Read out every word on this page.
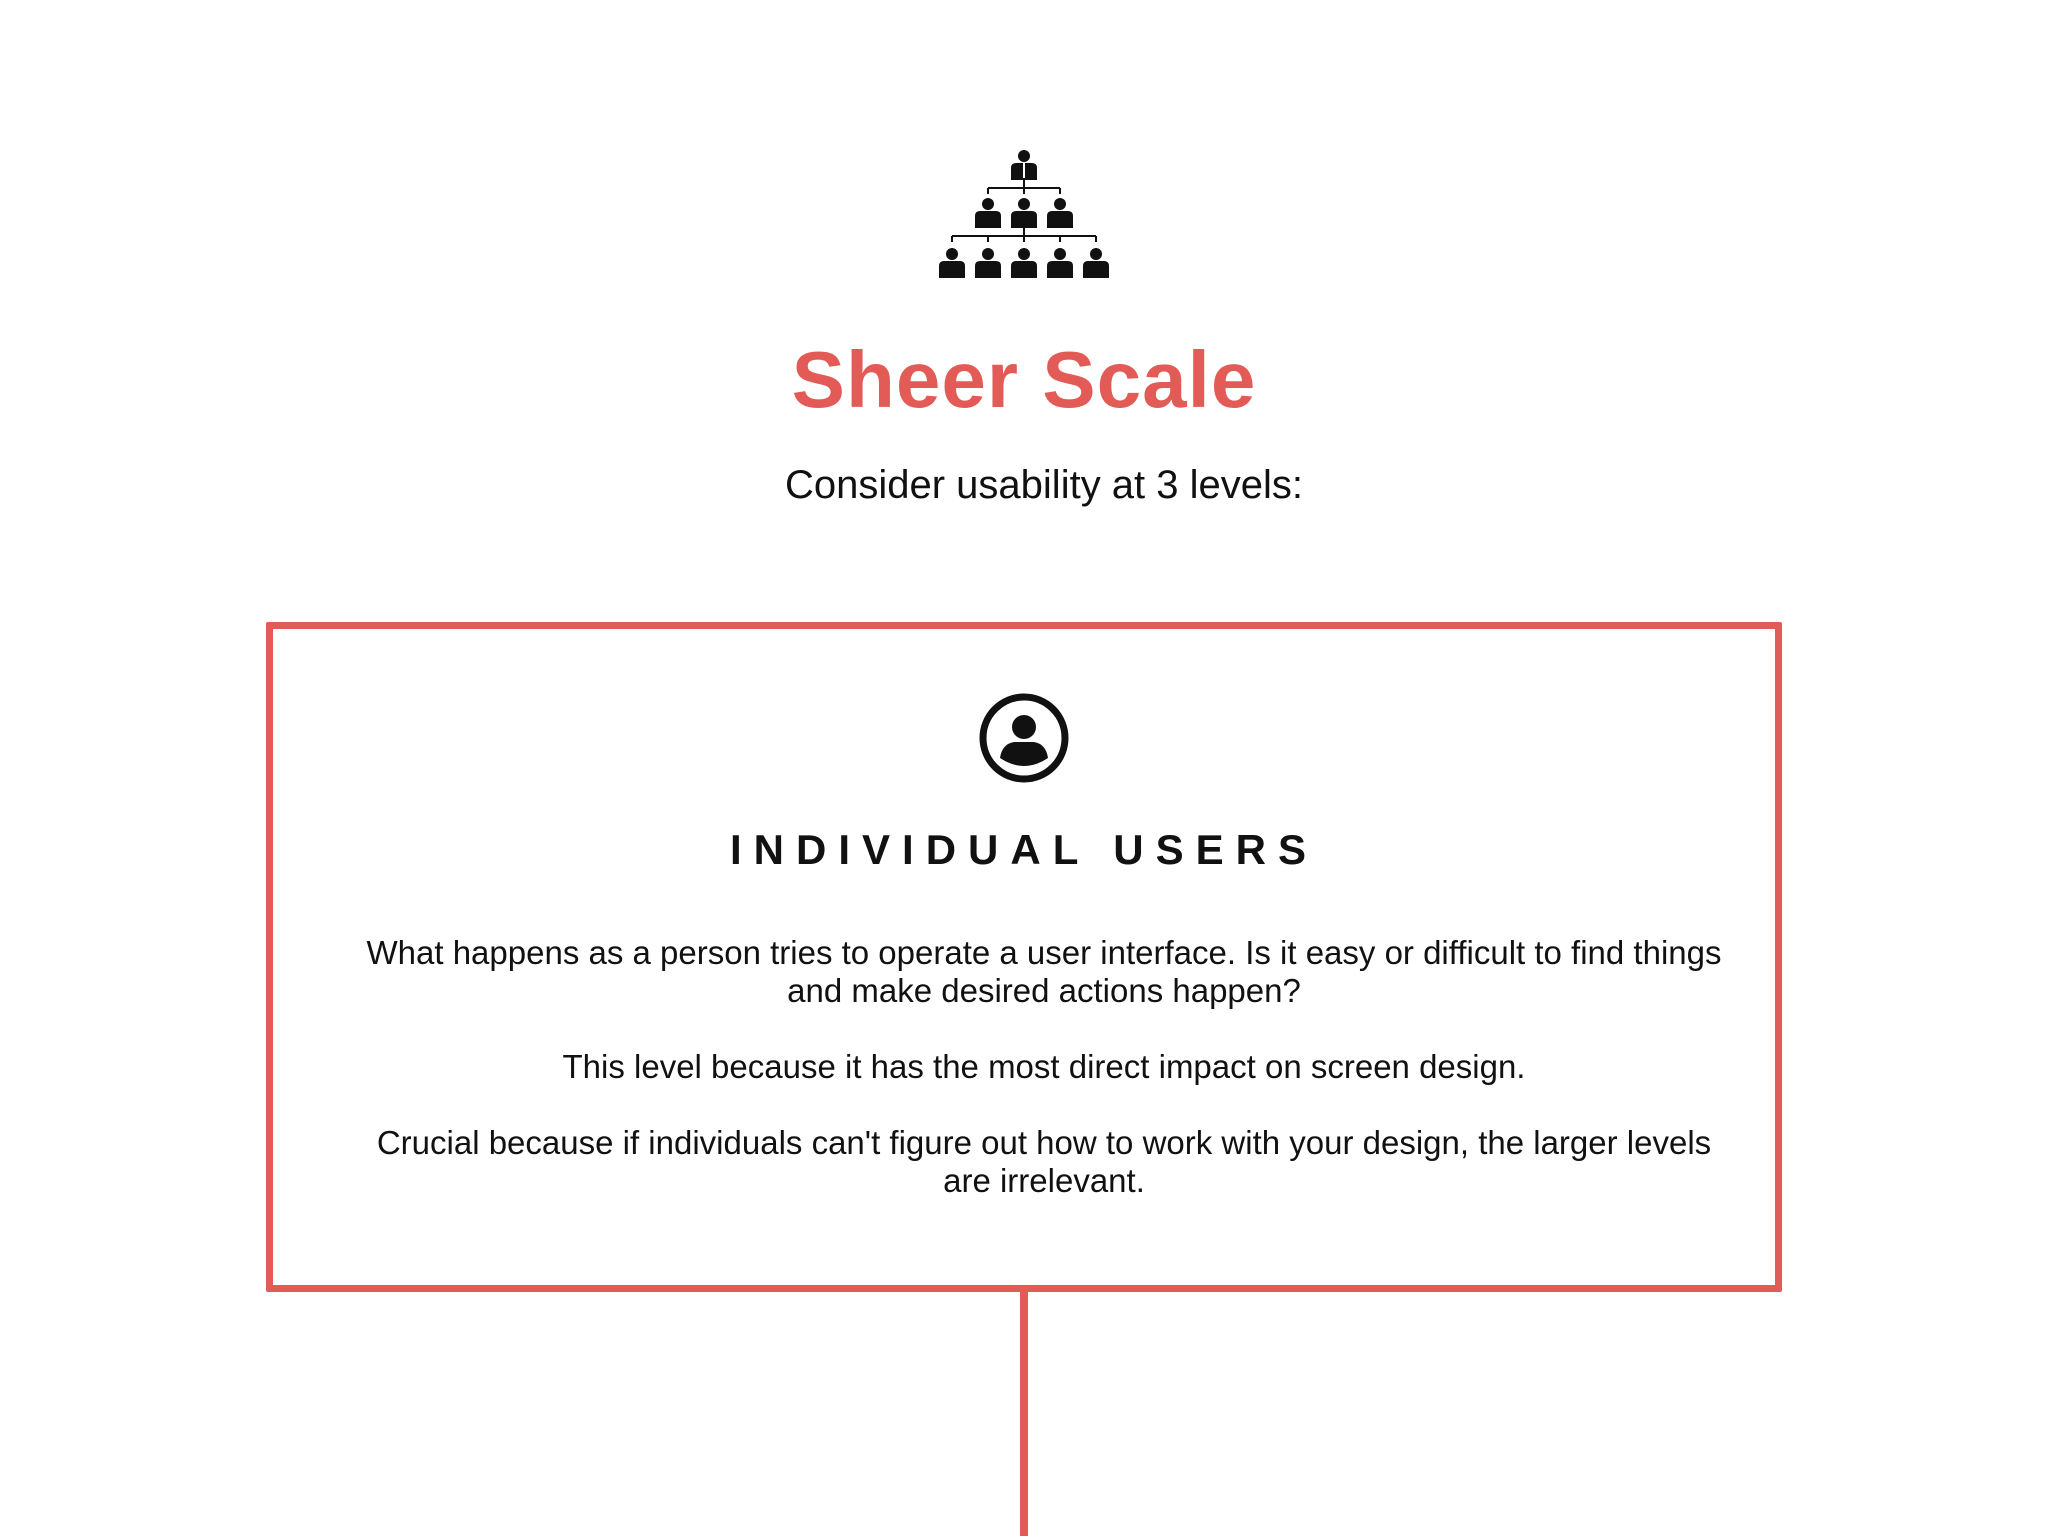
Sheer Scale
Consider usability at 3 levels:
INDIVIDUAL USERS

What happens as a person tries to operate a user interface. Is it easy or difficult to find things and make desired actions happen?

This level because it has the most direct impact on screen design.

Crucial because if individuals can't figure out how to work with your design, the larger levels are irrelevant.
